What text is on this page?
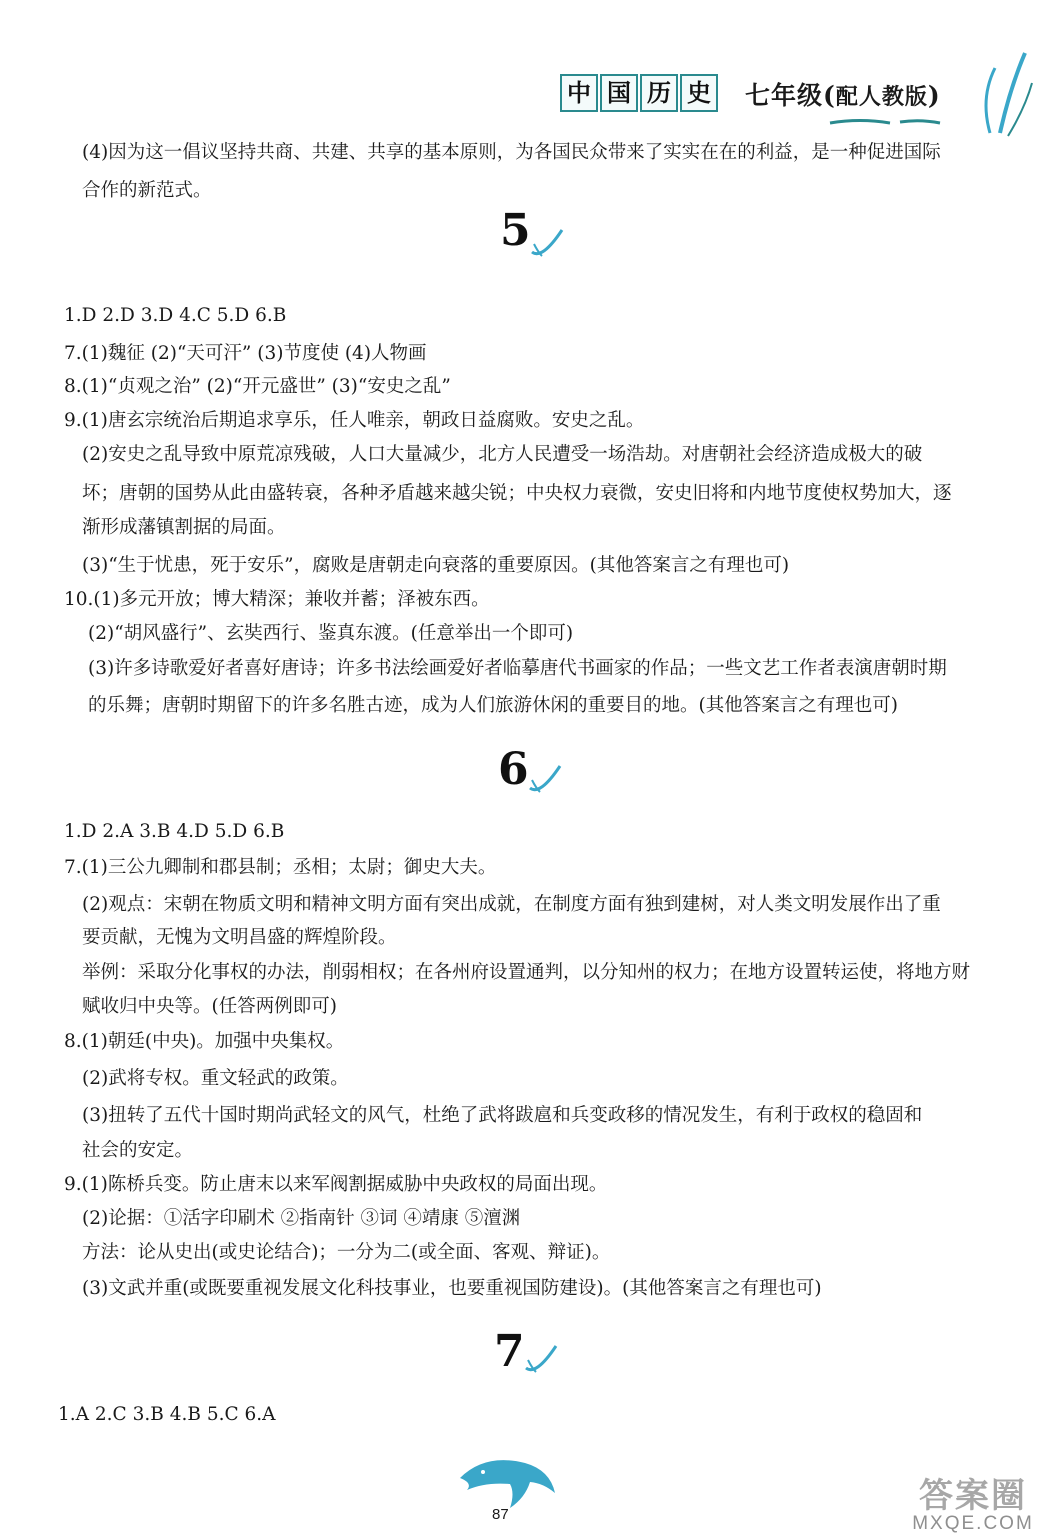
中 国 历 史 七年级(配人教版)
(4)因为这一倡议坚持共商、共建、共享的基本原则，为各国民众带来了实实在在的利益，是一种促进国际
合作的新范式。
5
1.D 2.D 3.D 4.C 5.D 6.B
7.(1)魏征 (2)“天可汗” (3)节度使 (4)人物画
8.(1)“贞观之治” (2)“开元盛世” (3)“安史之乱”
9.(1)唐玄宗统治后期追求享乐，任人唯亲，朝政日益腐败。安史之乱。
(2)安史之乱导致中原荒凉残破，人口大量减少，北方人民遭受一场浩劫。对唐朝社会经济造成极大的破
坏；唐朝的国势从此由盛转衰，各种矛盾越来越尖锐；中央权力衰微，安史旧将和内地节度使权势加大，逐
渐形成藩镇割据的局面。
(3)“生于忧患，死于安乐”，腐败是唐朝走向衰落的重要原因。(其他答案言之有理也可)
10.(1)多元开放；博大精深；兼收并蓄；泽被东西。
(2)“胡风盛行”、玄奘西行、鉴真东渡。(任意举出一个即可)
(3)许多诗歌爱好者喜好唐诗；许多书法绘画爱好者临摹唐代书画家的作品；一些文艺工作者表演唐朝时期
的乐舞；唐朝时期留下的许多名胜古迹，成为人们旅游休闲的重要目的地。(其他答案言之有理也可)
6
1.D 2.A 3.B 4.D 5.D 6.B
7.(1)三公九卿制和郡县制；丞相；太尉；御史大夫。
(2)观点：宋朝在物质文明和精神文明方面有突出成就，在制度方面有独到建树，对人类文明发展作出了重
要贡献，无愧为文明昌盛的辉煌阶段。
举例：采取分化事权的办法，削弱相权；在各州府设置通判，以分知州的权力；在地方设置转运使，将地方财
赋收归中央等。(任答两例即可)
8.(1)朝廷(中央)。加强中央集权。
(2)武将专权。重文轻武的政策。
(3)扭转了五代十国时期尚武轻文的风气，杜绝了武将跋扈和兵变政移的情况发生，有利于政权的稳固和
社会的安定。
9.(1)陈桥兵变。防止唐末以来军阀割据威胁中央政权的局面出现。
(2)论据：①活字印刷术 ②指南针 ③词 ④靖康 ⑤澶渊
方法：论从史出(或史论结合)；一分为二(或全面、客观、辩证)。
(3)文武并重(或既要重视发展文化科技事业，也要重视国防建设)。(其他答案言之有理也可)
7
1.A 2.C 3.B 4.B 5.C 6.A
87	答案圈
MXQE.COM
